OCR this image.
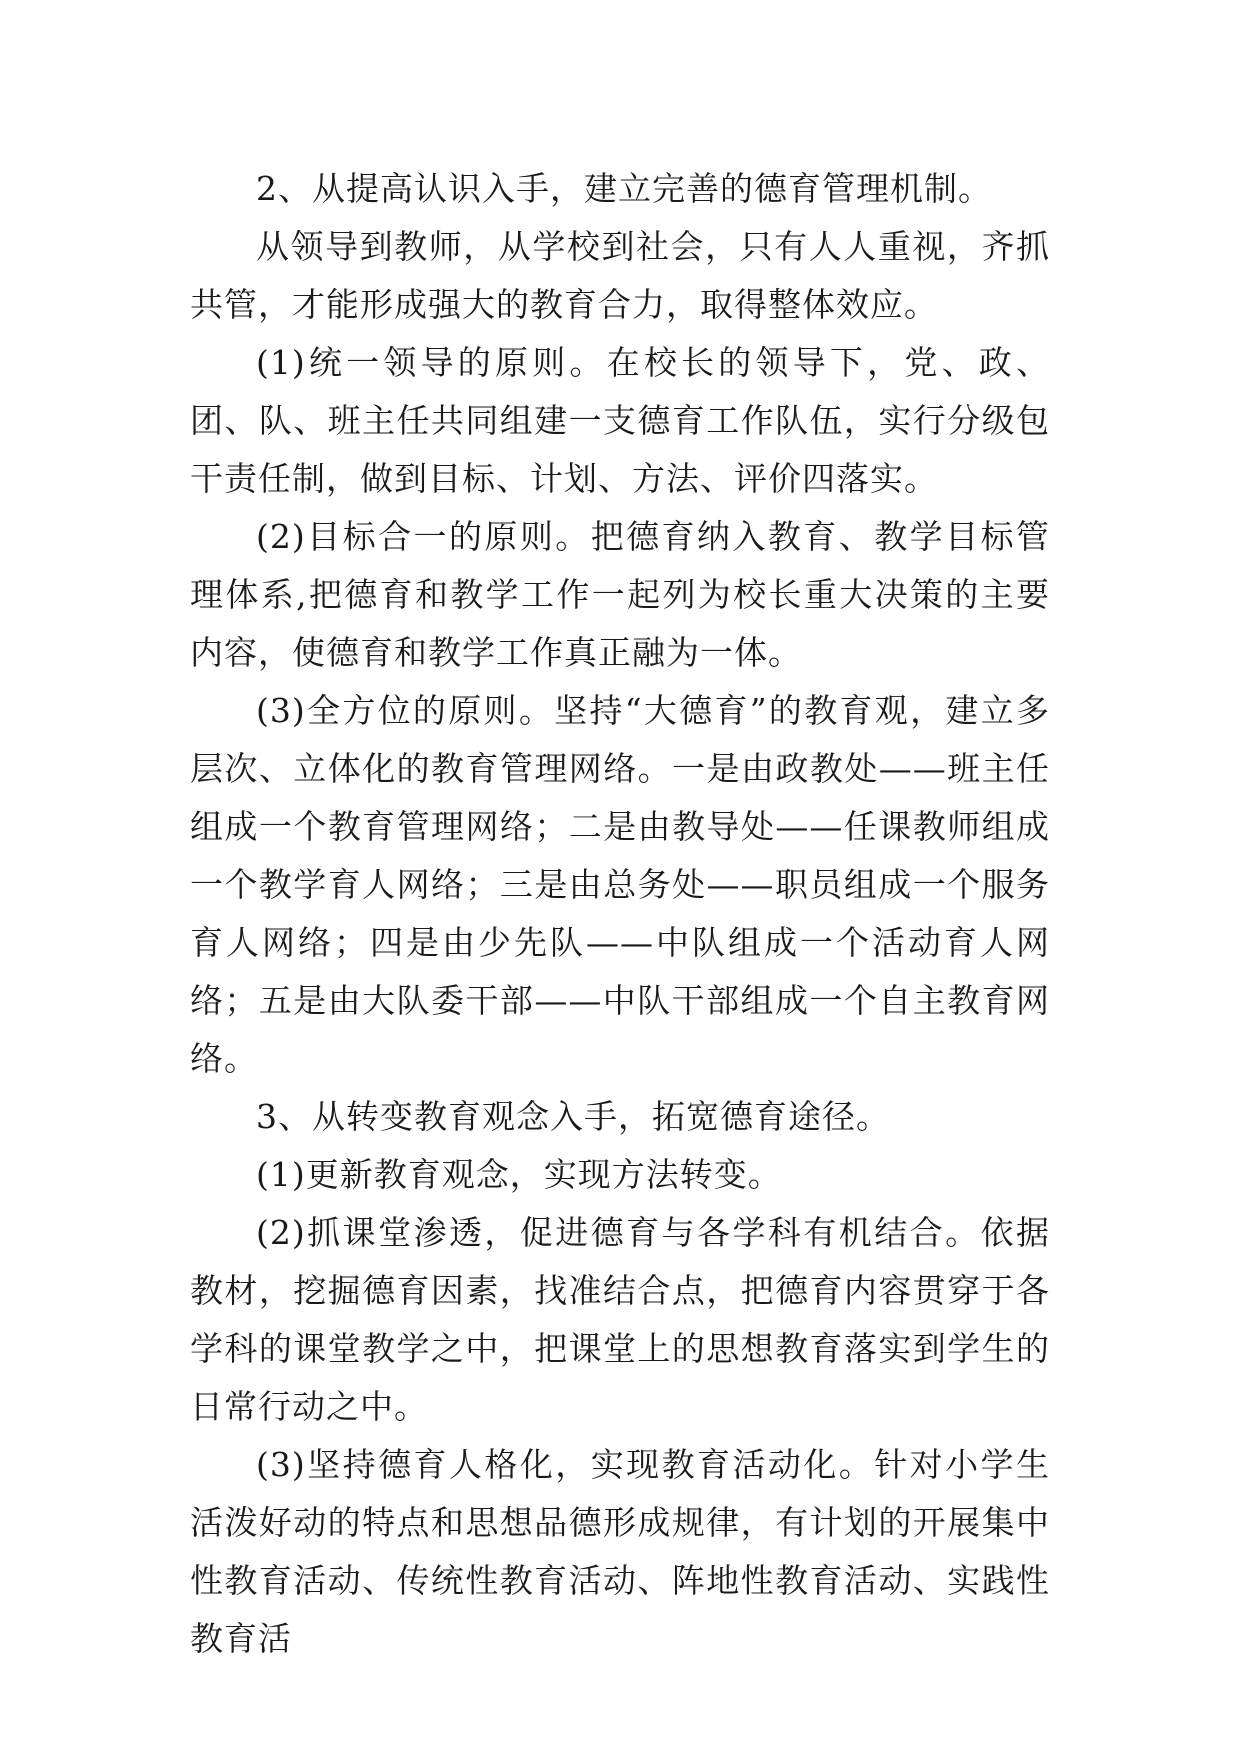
2、从提高认识入手，建立完善的德育管理机制。

从领导到教师，从学校到社会，只有人人重视，齐抓共管，才能形成强大的教育合力，取得整体效应。

(1)统一领导的原则。在校长的领导下，党、政、团、队、班主任共同组建一支德育工作队伍，实行分级包干责任制，做到目标、计划、方法、评价四落实。

(2)目标合一的原则。把德育纳入教育、教学目标管理体系,把德育和教学工作一起列为校长重大决策的主要内容，使德育和教学工作真正融为一体。

(3)全方位的原则。坚持“大德育”的教育观，建立多层次、立体化的教育管理网络。一是由政教处——班主任组成一个教育管理网络；二是由教导处——任课教师组成一个教学育人网络；三是由总务处——职员组成一个服务育人网络；四是由少先队——中队组成一个活动育人网络；五是由大队委干部——中队干部组成一个自主教育网络。

3、从转变教育观念入手，拓宽德育途径。

(1)更新教育观念，实现方法转变。

(2)抓课堂渗透，促进德育与各学科有机结合。依据教材，挖掘德育因素，找准结合点，把德育内容贯穿于各学科的课堂教学之中，把课堂上的思想教育落实到学生的日常行动之中。

(3)坚持德育人格化，实现教育活动化。针对小学生活泼好动的特点和思想品德形成规律，有计划的开展集中性教育活动、传统性教育活动、阵地性教育活动、实践性教育活
